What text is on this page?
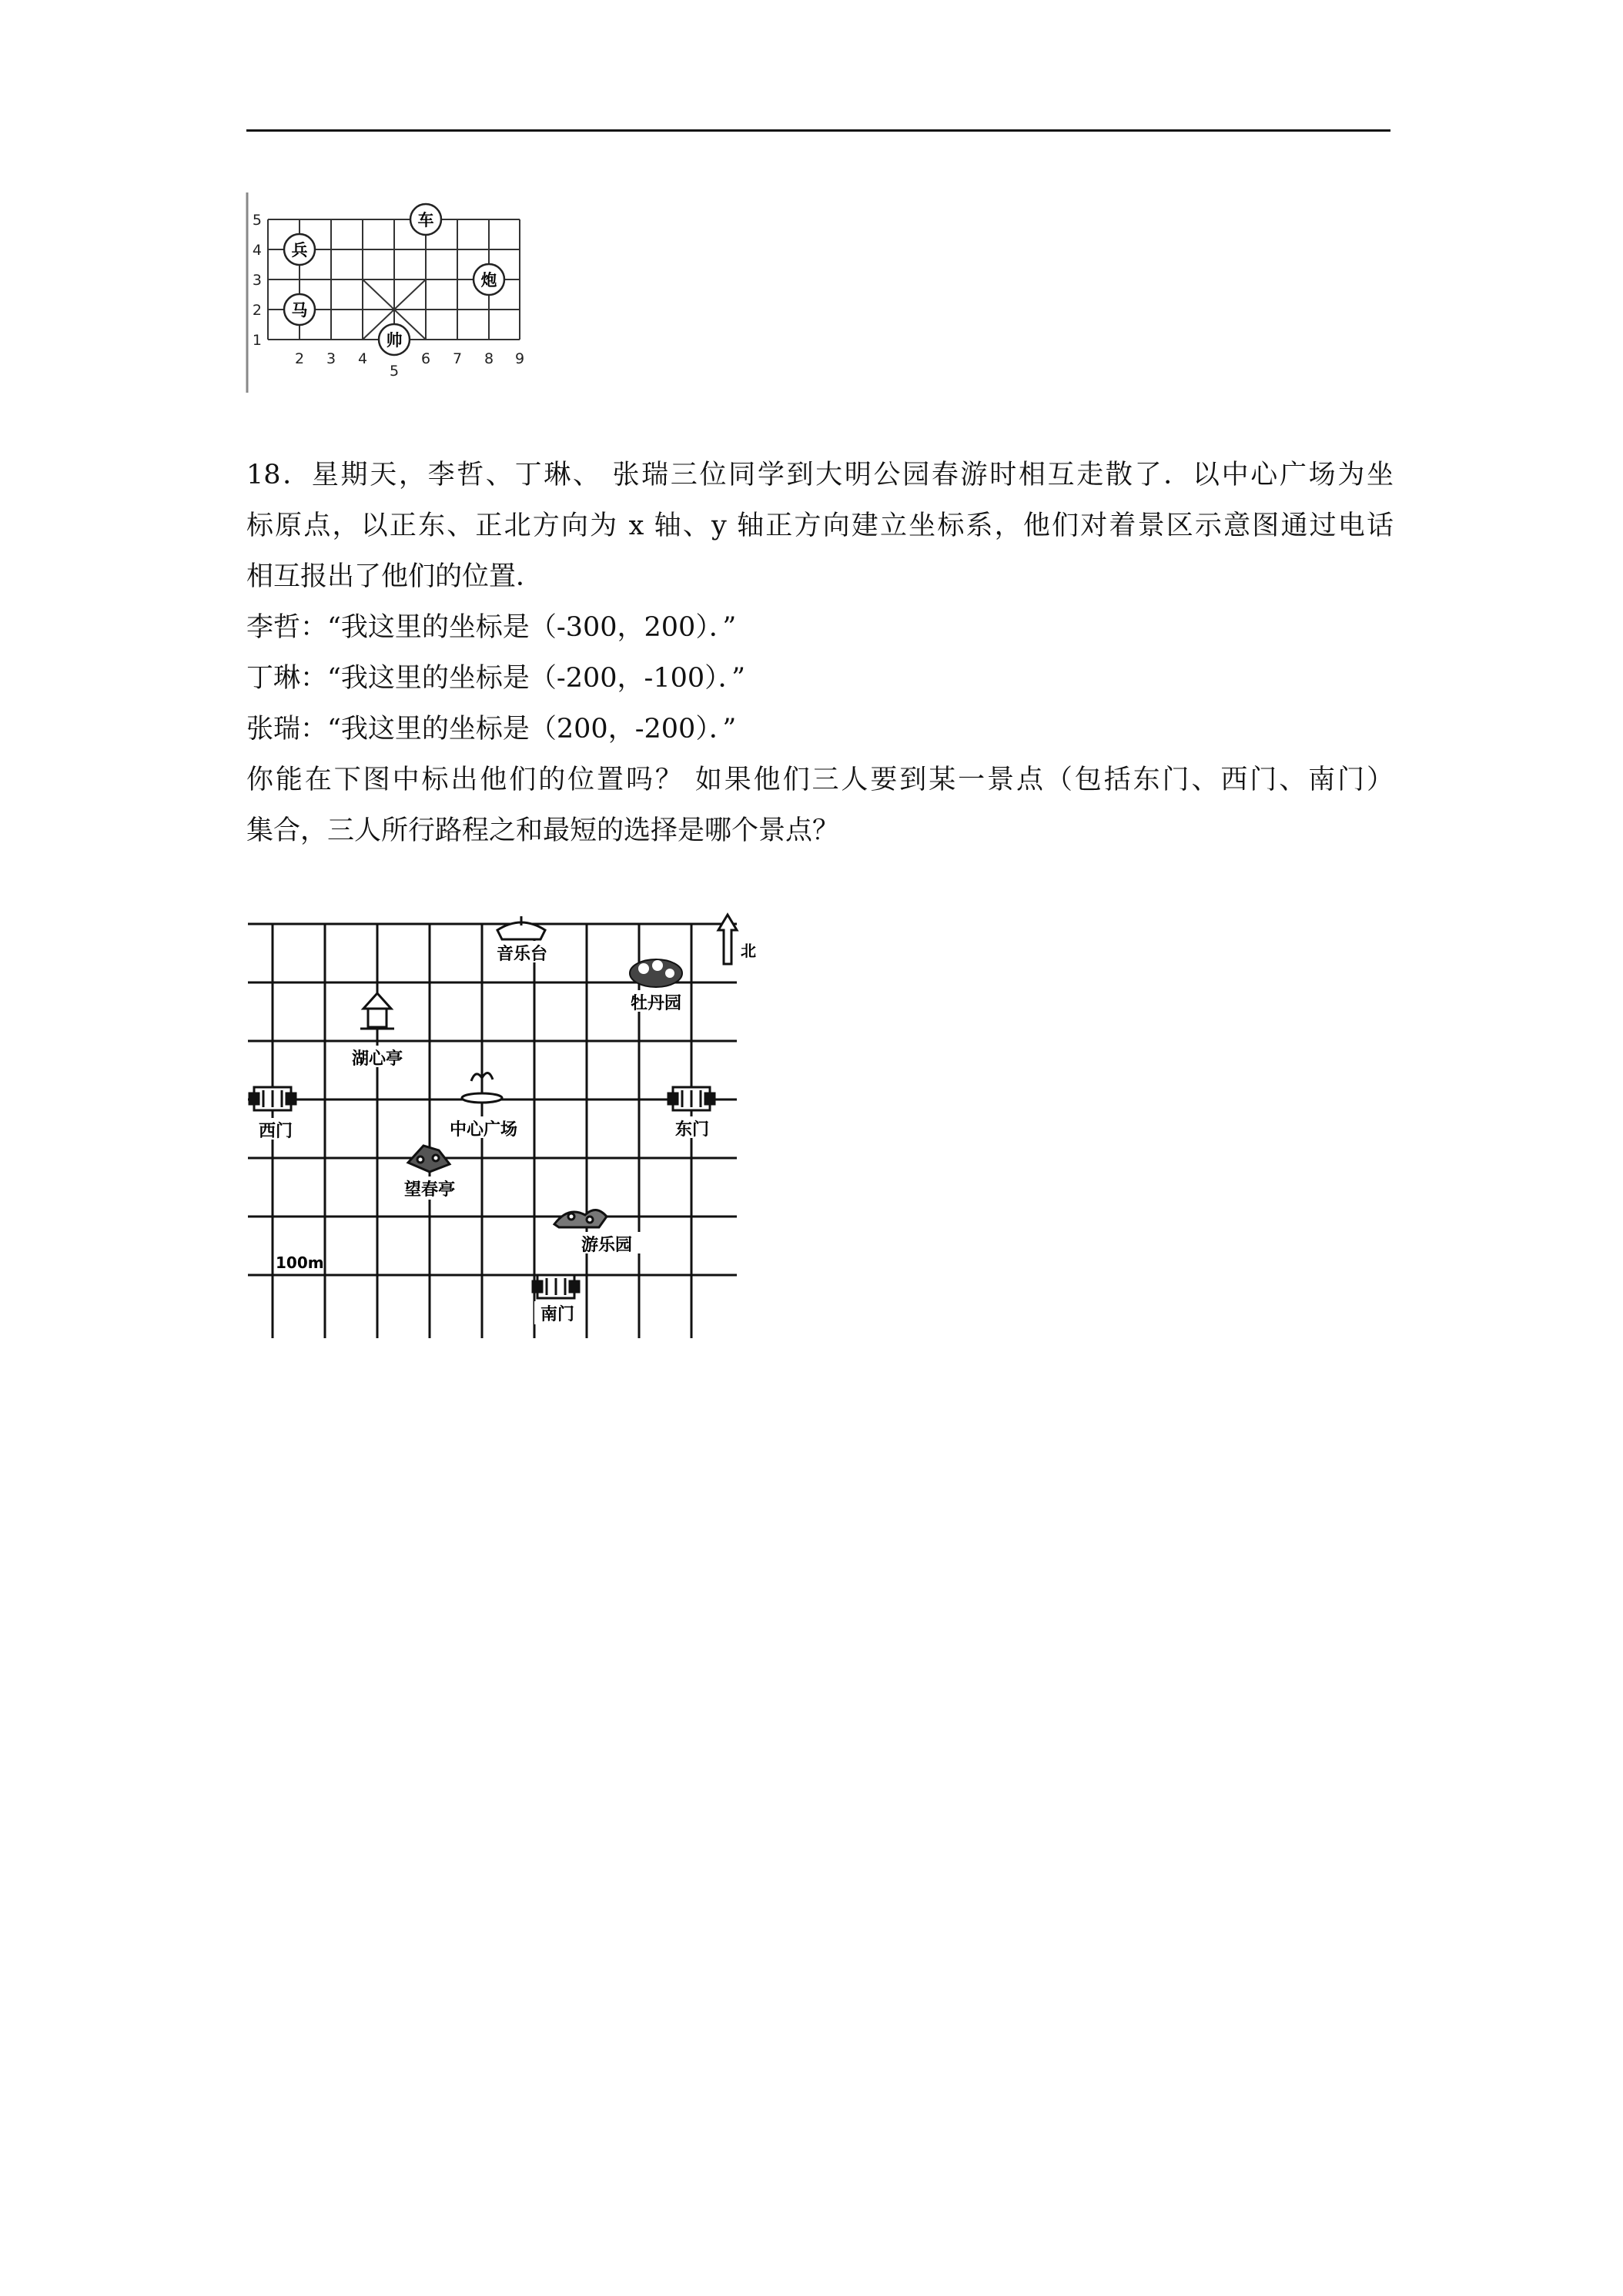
5
4
3
2
1
2 3 4
5
6 7 8 9
兵
车
炮
马
帅

18．星期天，李哲、丁琳、 张瑞三位同学到大明公园春游时相互走散了．以中心广场为坐

标原点，以正东、正北方向为 x 轴、y 轴正方向建立坐标系，他们对着景区示意图通过电话

相互报出了他们的位置．

李哲：“我这里的坐标是（-300，200）．”

丁琳：“我这里的坐标是（-200，-100）．”

张瑞：“我这里的坐标是（200，-200）．”

你能在下图中标出他们的位置吗？ 如果他们三人要到某一景点（包括东门、西门、南门）

集合，三人所行路程之和最短的选择是哪个景点？

北
音乐台
牡丹园
湖心亭
西门	中心广场	东门
望春亭
游乐园
100m
南门
